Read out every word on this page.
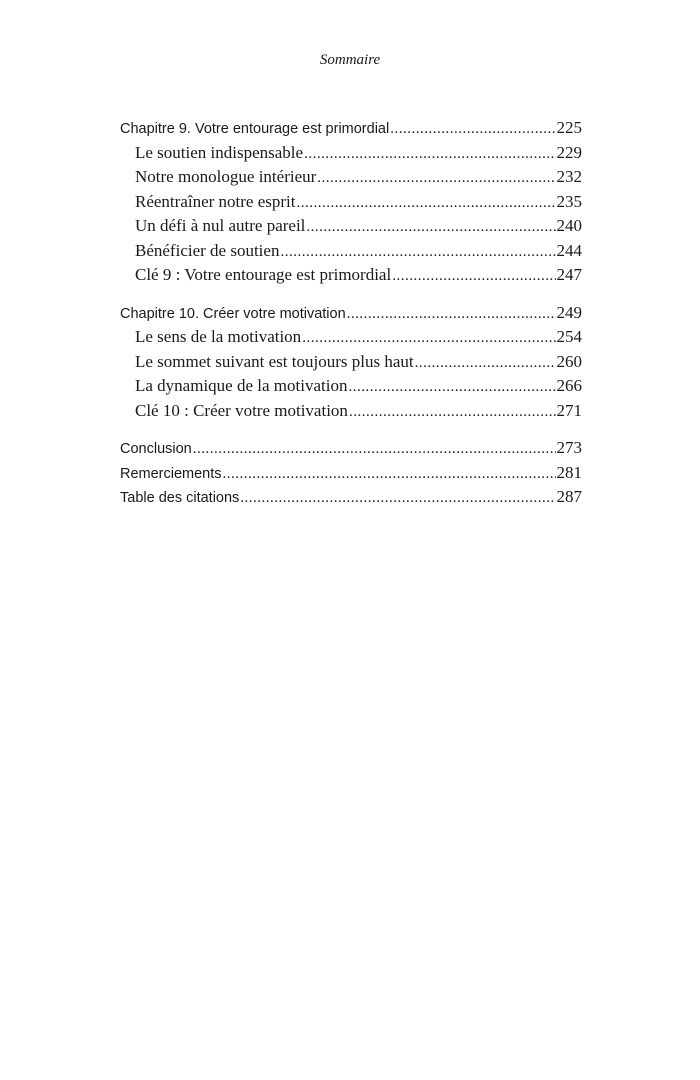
Sommaire
Chapitre 9. Votre entourage est primordial .....	225
Le soutien indispensable .....	229
Notre monologue intérieur .....	232
Réentraîner notre esprit .....	235
Un défi à nul autre pareil .....	240
Bénéficier de soutien .....	244
Clé 9 : Votre entourage est primordial .....	247
Chapitre 10. Créer votre motivation .....	249
Le sens de la motivation .....	254
Le sommet suivant est toujours plus haut .....	260
La dynamique de la motivation .....	266
Clé 10 : Créer votre motivation .....	271
Conclusion .....	273
Remerciements .....	281
Table des citations .....	287
